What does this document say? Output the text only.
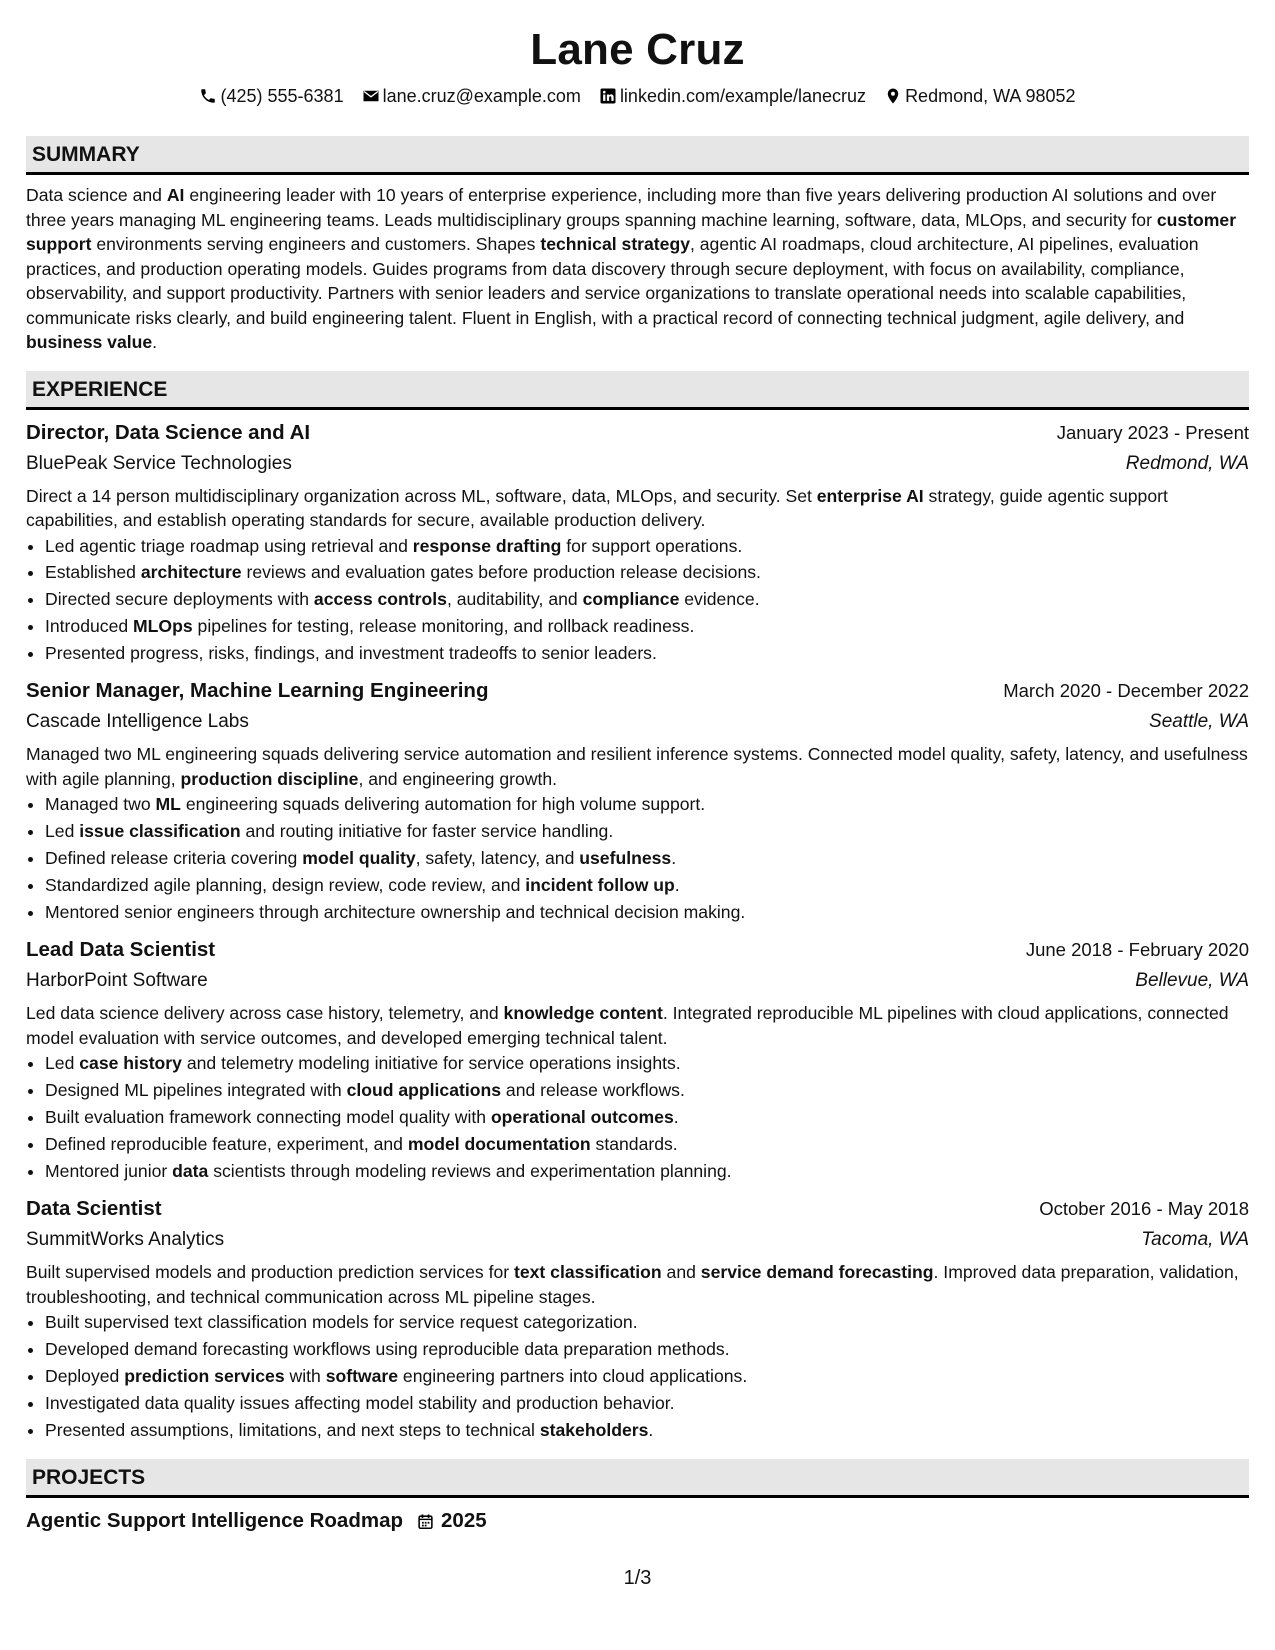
Lane Cruz
(425) 555-6381 lane.cruz@example.com linkedin.com/example/lanecruz Redmond, WA 98052
SUMMARY
Data science and AI engineering leader with 10 years of enterprise experience, including more than five years delivering production AI solutions and over three years managing ML engineering teams. Leads multidisciplinary groups spanning machine learning, software, data, MLOps, and security for customer support environments serving engineers and customers. Shapes technical strategy, agentic AI roadmaps, cloud architecture, AI pipelines, evaluation practices, and production operating models. Guides programs from data discovery through secure deployment, with focus on availability, compliance, observability, and support productivity. Partners with senior leaders and service organizations to translate operational needs into scalable capabilities, communicate risks clearly, and build engineering talent. Fluent in English, with a practical record of connecting technical judgment, agile delivery, and business value.
EXPERIENCE
Director, Data Science and AI	January 2023 - Present
BluePeak Service Technologies	Redmond, WA
Direct a 14 person multidisciplinary organization across ML, software, data, MLOps, and security. Set enterprise AI strategy, guide agentic support capabilities, and establish operating standards for secure, available production delivery.
• Led agentic triage roadmap using retrieval and response drafting for support operations.
• Established architecture reviews and evaluation gates before production release decisions.
• Directed secure deployments with access controls, auditability, and compliance evidence.
• Introduced MLOps pipelines for testing, release monitoring, and rollback readiness.
• Presented progress, risks, findings, and investment tradeoffs to senior leaders.
Senior Manager, Machine Learning Engineering	March 2020 - December 2022
Cascade Intelligence Labs	Seattle, WA
Managed two ML engineering squads delivering service automation and resilient inference systems. Connected model quality, safety, latency, and usefulness with agile planning, production discipline, and engineering growth.
• Managed two ML engineering squads delivering automation for high volume support.
• Led issue classification and routing initiative for faster service handling.
• Defined release criteria covering model quality, safety, latency, and usefulness.
• Standardized agile planning, design review, code review, and incident follow up.
• Mentored senior engineers through architecture ownership and technical decision making.
Lead Data Scientist	June 2018 - February 2020
HarborPoint Software	Bellevue, WA
Led data science delivery across case history, telemetry, and knowledge content. Integrated reproducible ML pipelines with cloud applications, connected model evaluation with service outcomes, and developed emerging technical talent.
• Led case history and telemetry modeling initiative for service operations insights.
• Designed ML pipelines integrated with cloud applications and release workflows.
• Built evaluation framework connecting model quality with operational outcomes.
• Defined reproducible feature, experiment, and model documentation standards.
• Mentored junior data scientists through modeling reviews and experimentation planning.
Data Scientist	October 2016 - May 2018
SummitWorks Analytics	Tacoma, WA
Built supervised models and production prediction services for text classification and service demand forecasting. Improved data preparation, validation, troubleshooting, and technical communication across ML pipeline stages.
• Built supervised text classification models for service request categorization.
• Developed demand forecasting workflows using reproducible data preparation methods.
• Deployed prediction services with software engineering partners into cloud applications.
• Investigated data quality issues affecting model stability and production behavior.
• Presented assumptions, limitations, and next steps to technical stakeholders.
PROJECTS
Agentic Support Intelligence Roadmap 2025
1/3
